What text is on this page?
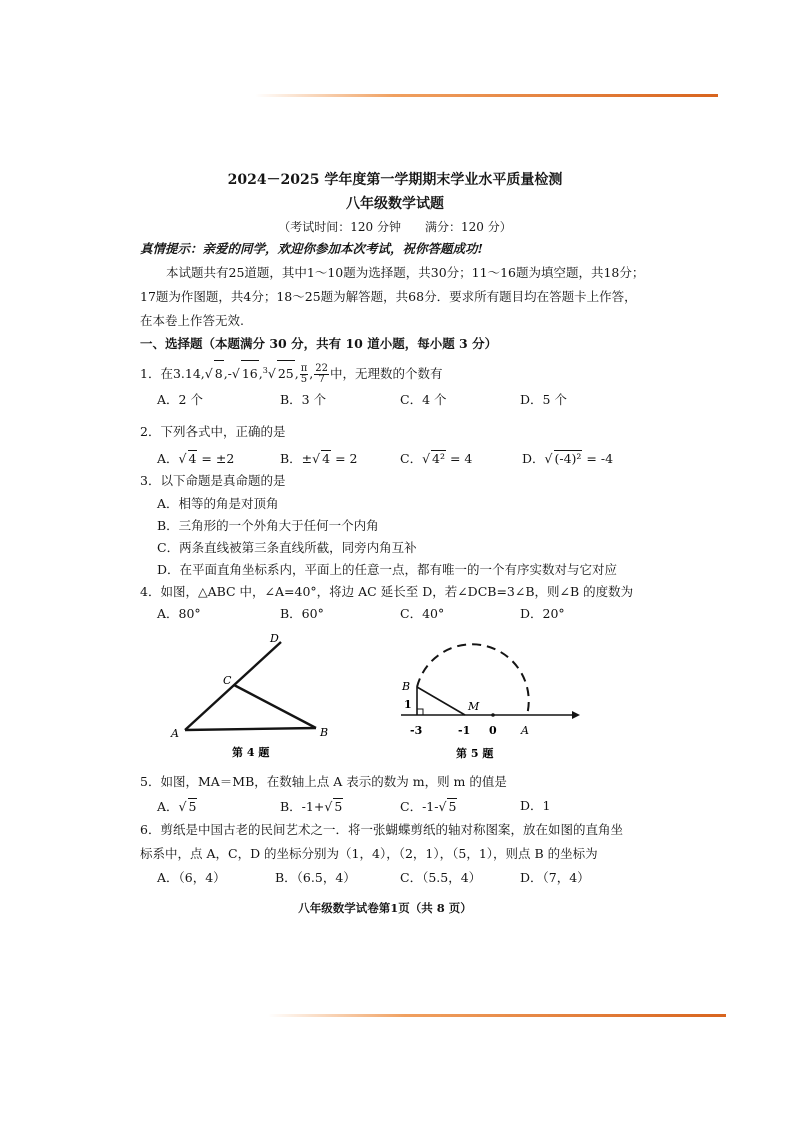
2024－2025 学年度第一学期期末学业水平质量检测
八年级数学试题
（考试时间：120 分钟　　满分：120 分）
真情提示：亲爱的同学，欢迎你参加本次考试，祝你答题成功!
本试题共有25道题，其中1～10题为选择题，共30分；11～16题为填空题，共18分；
17题为作图题，共4分；18～25题为解答题，共68分．要求所有题目均在答题卡上作答，
在本卷上作答无效.
一、选择题（本题满分 30 分，共有 10 道小题，每小题 3 分）
1．在3.14,√ 8,-√ 16,$^3$√ 25, $\frac{\pi}{5}$ , $\frac{22}{7}$ 中，无理数的个数有
A．2 个	B．3 个	C．4 个	D．5 个
2．下列各式中，正确的是
A．√ 4 = ±2	B．±√ 4 = 2	C．√ 4² = 4	D．√ (-4)² = -4
3．以下命题是真命题的是
A．相等的角是对顶角
B．三角形的一个外角大于任何一个内角
C．两条直线被第三条直线所截，同旁内角互补
D．在平面直角坐标系内，平面上的任意一点，都有唯一的一个有序实数对与它对应
4．如图，△ABC 中，∠A=40°，将边 AC 延长至 D，若∠DCB=3∠B，则∠B 的度数为
A．80°	B．60°	C．40°	D．20°
A	B
C
D
第 4 题
B
M
A
1
-3	-1 0
第 5 题
5．如图，MA＝MB，在数轴上点 A 表示的数为 m，则 m 的值是
A．√ 5	B．-1+√ 5	C．-1-√ 5	D．1
6．剪纸是中国古老的民间艺术之一．将一张蝴蝶剪纸的轴对称图案，放在如图的直角坐
标系中，点 A，C，D 的坐标分别为（1，4），（2，1），（5，1），则点 B 的坐标为
A．（6，4）	B．（6.5，4）	C．（5.5，4）	D．（7，4）
八年级数学试卷第1页（共 8 页）
